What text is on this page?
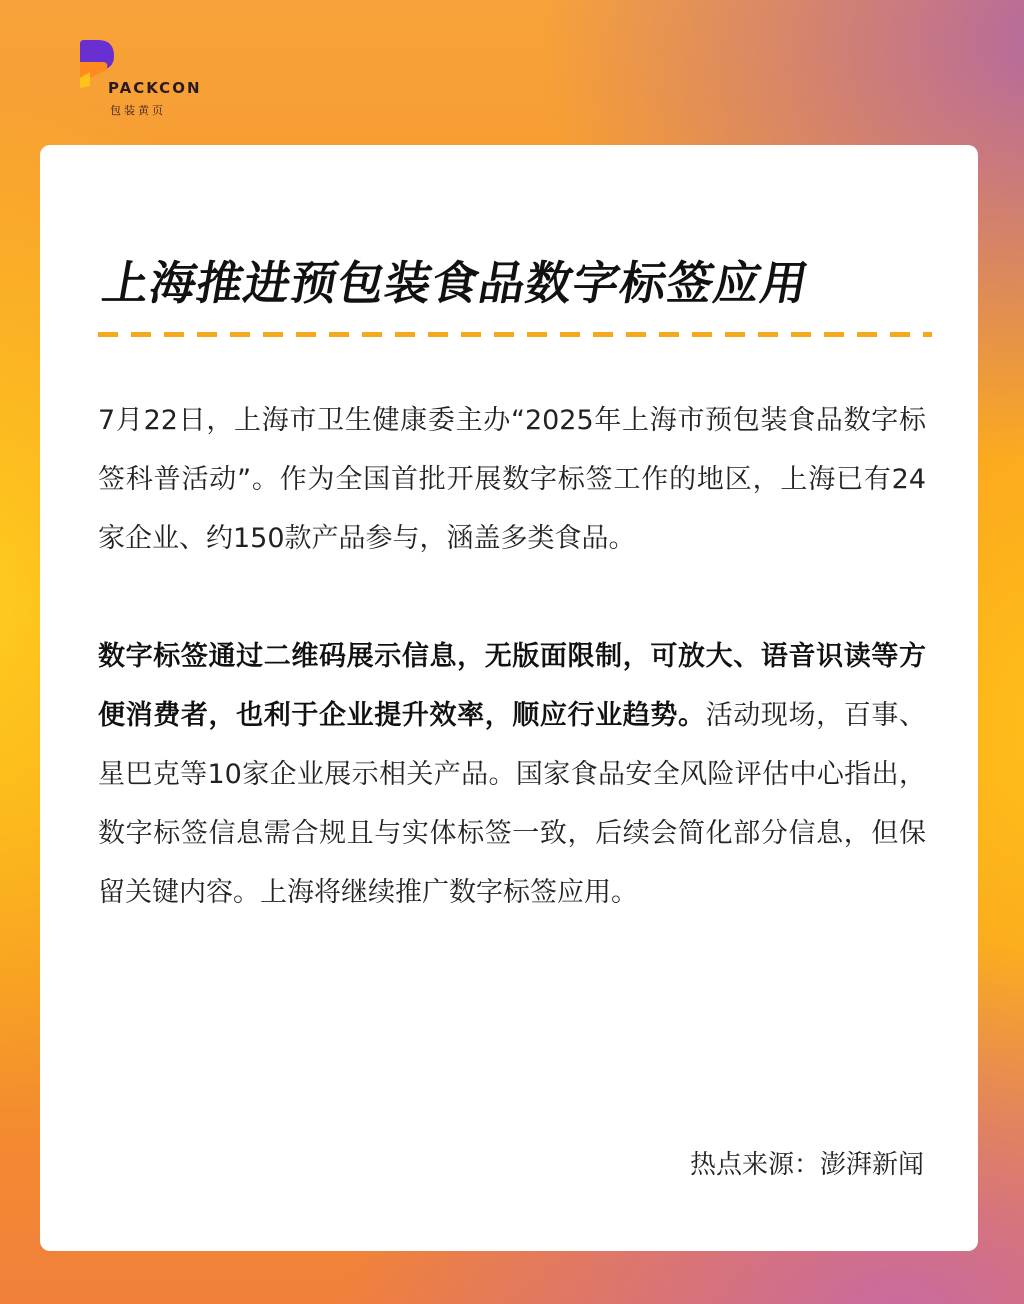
PACKCON
包装黄页
上海推进预包装食品数字标签应用

7月22日，上海市卫生健康委主办“2025年上海市预包装食品数字标签科普活动”。作为全国首批开展数字标签工作的地区，上海已有24家企业、约150款产品参与，涵盖多类食品。

数字标签通过二维码展示信息，无版面限制，可放大、语音识读等方便消费者，也利于企业提升效率，顺应行业趋势。活动现场，百事、星巴克等10家企业展示相关产品。国家食品安全风险评估中心指出，数字标签信息需合规且与实体标签一致，后续会简化部分信息，但保留关键内容。上海将继续推广数字标签应用。

热点来源：澎湃新闻
